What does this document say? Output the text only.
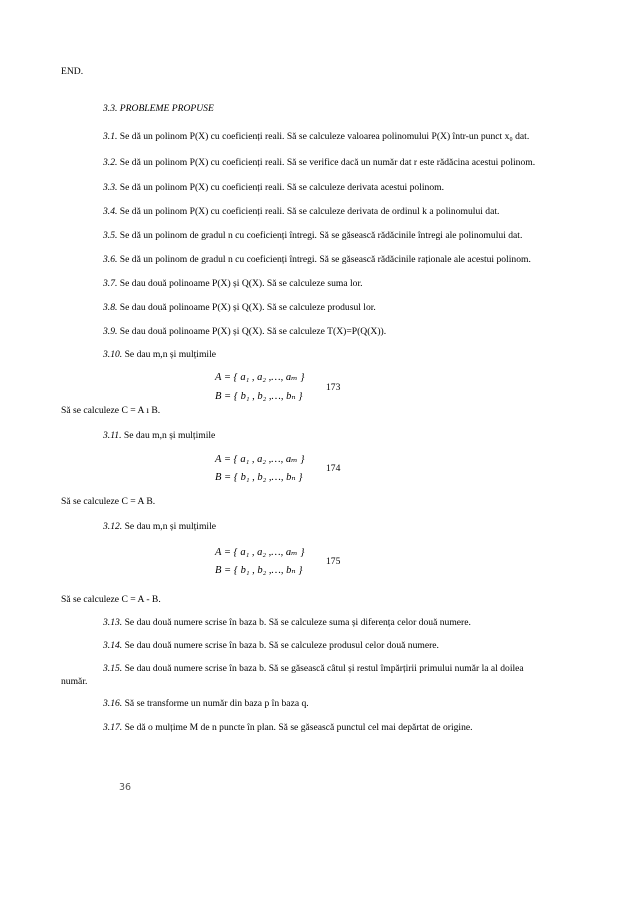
END.
3.3. PROBLEME PROPUSE
3.1. Se dă un polinom P(X) cu coeficienți reali. Să se calculeze valoarea polinomului P(X) într-un punct x₀ dat.
3.2. Se dă un polinom P(X) cu coeficienți reali. Să se verifice dacă un număr dat r este rădăcina acestui polinom.
3.3. Se dă un polinom P(X) cu coeficienți reali. Să se calculeze derivata acestui polinom.
3.4. Se dă un polinom P(X) cu coeficienți reali. Să se calculeze derivata de ordinul k a polinomului dat.
3.5. Se dă un polinom de gradul n cu coeficienți întregi. Să se găsească rădăcinile întregi ale polinomului dat.
3.6. Se dă un polinom de gradul n cu coeficienți întregi. Să se găsească rădăcinile raționale ale acestui polinom.
3.7. Se dau două polinoame P(X) și Q(X). Să se calculeze suma lor.
3.8. Se dau două polinoame P(X) și Q(X). Să se calculeze produsul lor.
3.9. Se dau două polinoame P(X) și Q(X). Să se calculeze T(X)=P(Q(X)).
3.10. Se dau m,n și mulțimile
A = { a₁ , a₂ ,…, aₘ }
B = { b₁ , b₂ ,…, bₙ }
173
Să se calculeze C = A ı B.
3.11. Se dau m,n și mulțimile
A = { a₁ , a₂ ,…, aₘ }
B = { b₁ , b₂ ,…, bₙ }
174
Să se calculeze C = A B.
3.12. Se dau m,n și mulțimile
A = { a₁ , a₂ ,…, aₘ }
B = { b₁ , b₂ ,…, bₙ }
175
Să se calculeze C = A - B.
3.13. Se dau două numere scrise în baza b. Să se calculeze suma și diferența celor două numere.
3.14. Se dau două numere scrise în baza b. Să se calculeze produsul celor două numere.
3.15. Se dau două numere scrise în baza b. Să se găsească câtul și restul împărțirii primului număr la al doilea
număr.
3.16. Să se transforme un număr din baza p în baza q.
3.17. Se dă o mulțime M de n puncte în plan. Să se găsească punctul cel mai depărtat de origine.
36
